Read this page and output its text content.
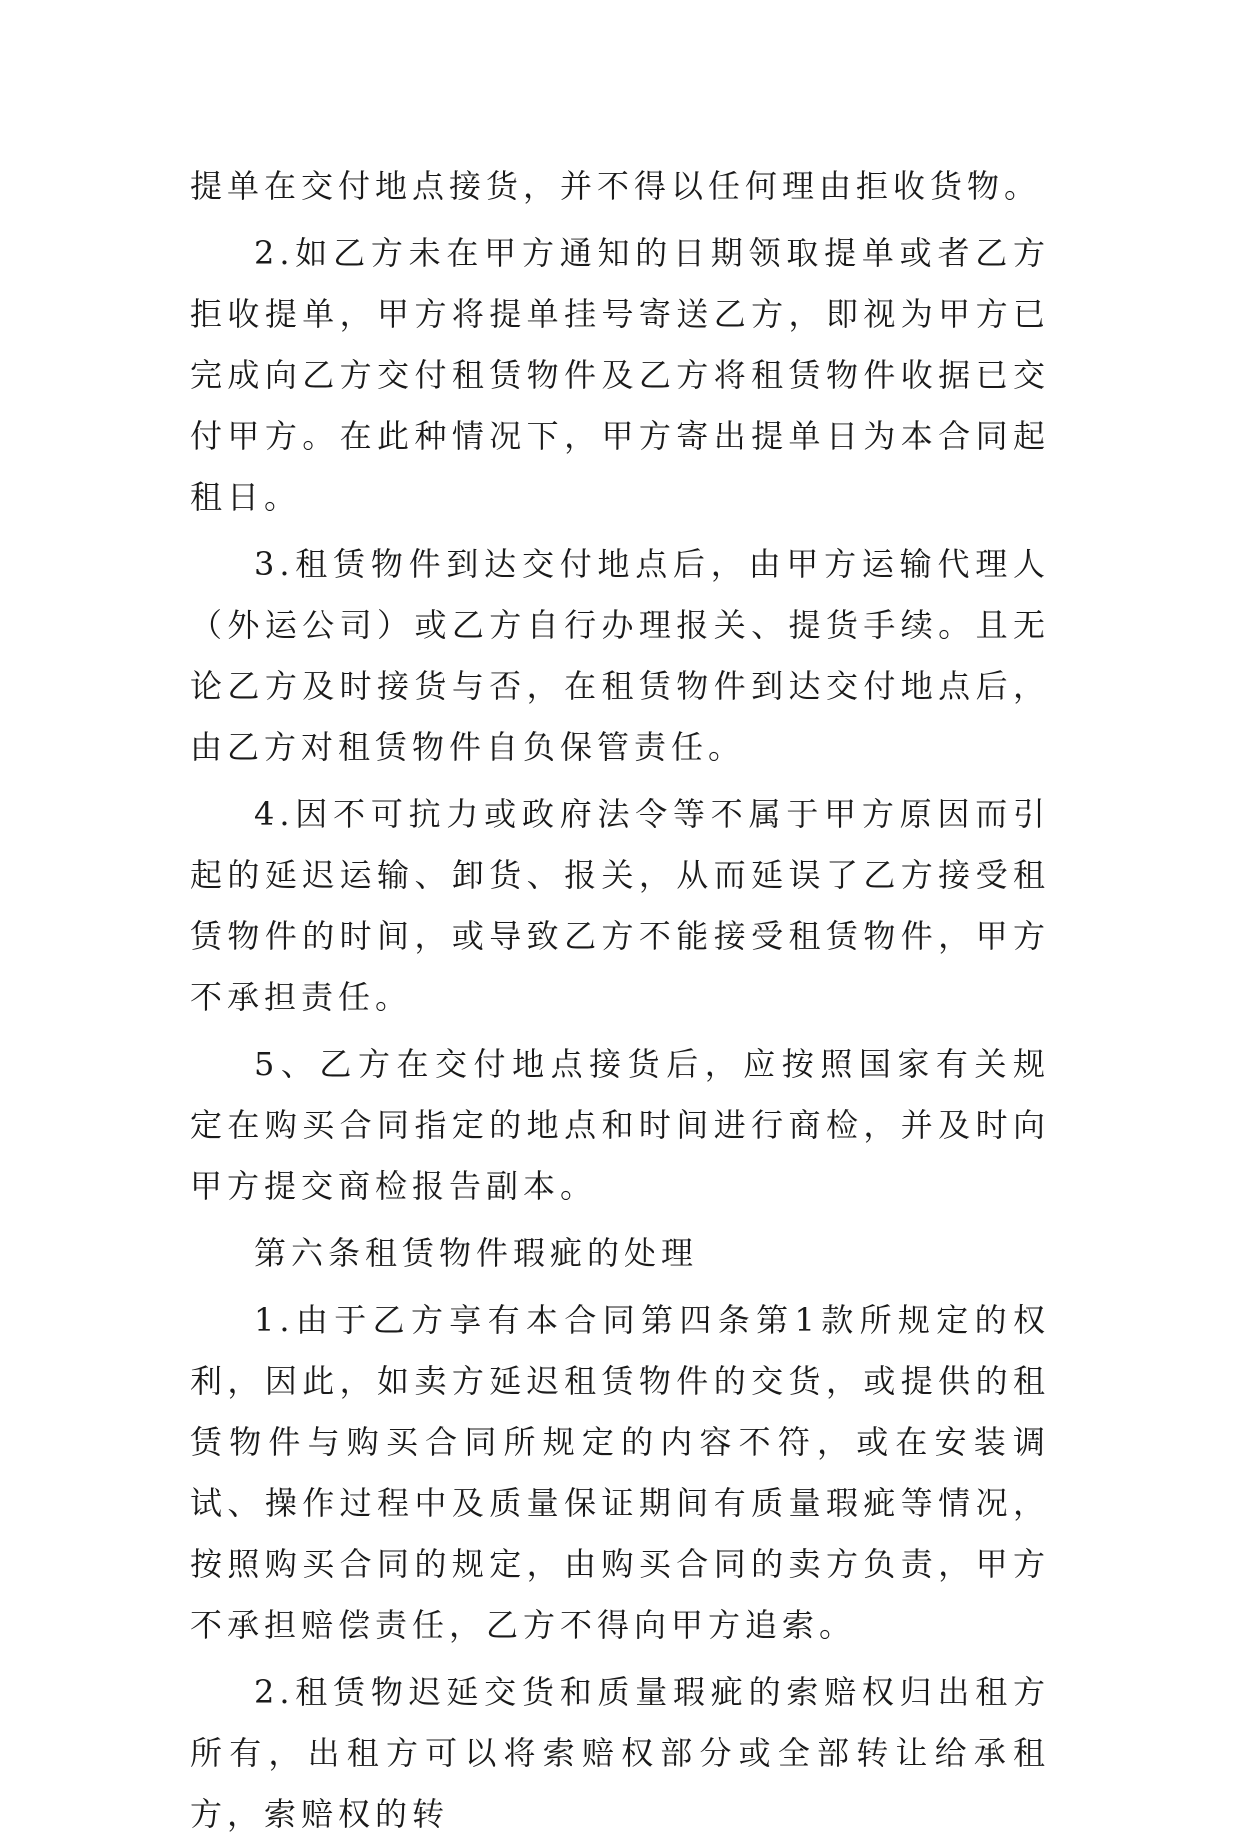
提单在交付地点接货，并不得以任何理由拒收货物。

2.如乙方未在甲方通知的日期领取提单或者乙方拒收提单，甲方将提单挂号寄送乙方，即视为甲方已完成向乙方交付租赁物件及乙方将租赁物件收据已交付甲方。在此种情况下，甲方寄出提单日为本合同起租日。

3.租赁物件到达交付地点后，由甲方运输代理人（外运公司）或乙方自行办理报关、提货手续。且无论乙方及时接货与否，在租赁物件到达交付地点后，由乙方对租赁物件自负保管责任。

4.因不可抗力或政府法令等不属于甲方原因而引起的延迟运输、卸货、报关，从而延误了乙方接受租赁物件的时间，或导致乙方不能接受租赁物件，甲方不承担责任。

5、乙方在交付地点接货后，应按照国家有关规定在购买合同指定的地点和时间进行商检，并及时向甲方提交商检报告副本。

第六条租赁物件瑕疵的处理

1.由于乙方享有本合同第四条第1款所规定的权利，因此，如卖方延迟租赁物件的交货，或提供的租赁物件与购买合同所规定的内容不符，或在安装调试、操作过程中及质量保证期间有质量瑕疵等情况，按照购买合同的规定，由购买合同的卖方负责，甲方不承担赔偿责任，乙方不得向甲方追索。

2.租赁物迟延交货和质量瑕疵的索赔权归出租方所有，出租方可以将索赔权部分或全部转让给承租方，索赔权的转
